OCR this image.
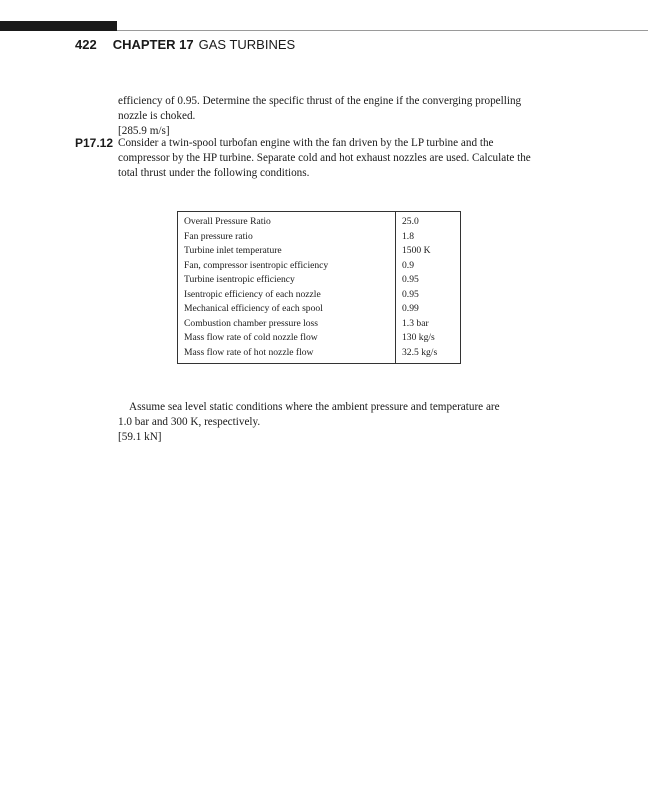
422 CHAPTER 17 GAS TURBINES
efficiency of 0.95. Determine the specific thrust of the engine if the converging propelling
nozzle is choked.
[285.9 m/s]
P17.12 Consider a twin-spool turbofan engine with the fan driven by the LP turbine and the
compressor by the HP turbine. Separate cold and hot exhaust nozzles are used. Calculate the
total thrust under the following conditions.
Overall Pressure Ratio	25.0
Fan pressure ratio	1.8
Turbine inlet temperature	1500 K
Fan, compressor isentropic efficiency	0.9
Turbine isentropic efficiency	0.95
Isentropic efficiency of each nozzle	0.95
Mechanical efficiency of each spool	0.99
Combustion chamber pressure loss	1.3 bar
Mass flow rate of cold nozzle flow	130 kg/s
Mass flow rate of hot nozzle flow	32.5 kg/s
Assume sea level static conditions where the ambient pressure and temperature are
1.0 bar and 300 K, respectively.
[59.1 kN]
